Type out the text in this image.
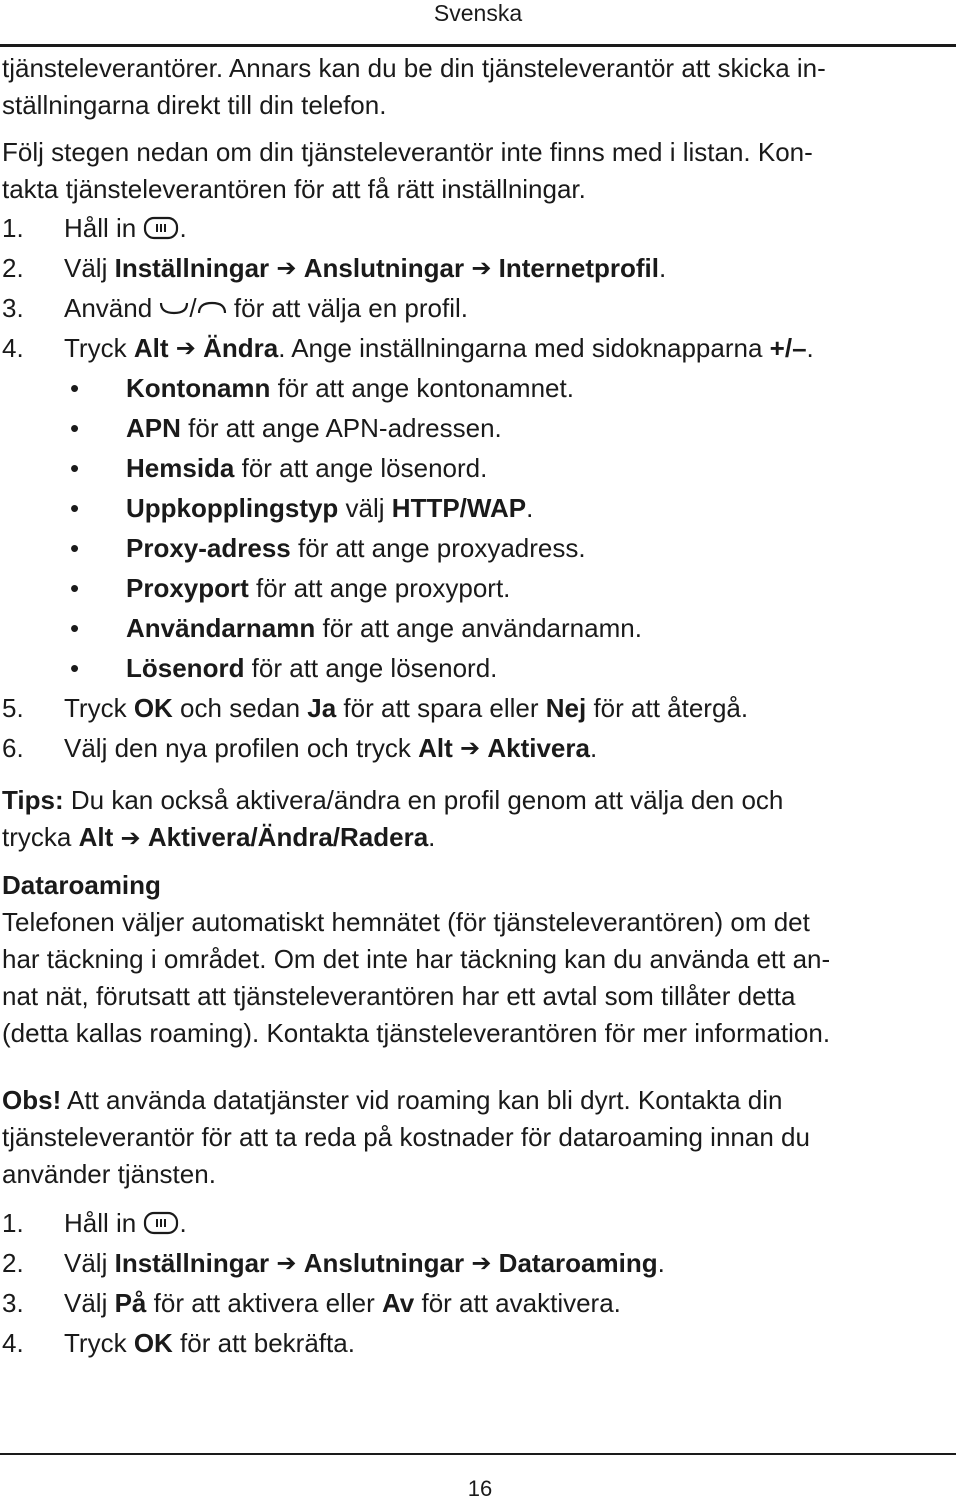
Svenska

tjänsteleverantörer. Annars kan du be din tjänsteleverantör att skicka in-

ställningarna direkt till din telefon.

Följ stegen nedan om din tjänsteleverantör inte finns med i listan. Kon-

takta tjänsteleverantören för att få rätt inställningar.

1.	Håll in
.
2.	Välj
Inställningar
➔
Anslutningar
➔
Internetprofil .
3.	Använd
/
för att välja en profil.
4.	Tryck
Alt
➔
Ändra . Ange inställningarna med sidoknapparna
+/– .
•	Kontonamn för att ange kontonamnet.
•	APN för att ange APN-adressen.
•	Hemsida för att ange lösenord.
•	Uppkopplingstyp välj HTTP/WAP.
•	Proxy-adress för att ange proxyadress.
•	Proxyport för att ange proxyport.
•	Användarnamn för att ange användarnamn.
•	Lösenord för att ange lösenord.
5.	Tryck
OK
och sedan
Ja
för att spara eller
Nej
för att återgå.
6.	Välj den nya profilen och tryck
Alt
➔
Aktivera .

Tips: Du kan också aktivera/ändra en profil genom att välja den och

trycka Alt ➔ Aktivera/Ändra/Radera.

Dataroaming

Telefonen väljer automatiskt hemnätet (för tjänsteleverantören) om det

har täckning i området. Om det inte har täckning kan du använda ett an-

nat nät, förutsatt att tjänsteleverantören har ett avtal som tillåter detta

(detta kallas roaming). Kontakta tjänsteleverantören för mer information.

Obs! Att använda datatjänster vid roaming kan bli dyrt. Kontakta din

tjänsteleverantör för att ta reda på kostnader för dataroaming innan du

använder tjänsten.

1.	Håll in
.
2.	Välj
Inställningar
➔
Anslutningar
➔
Dataroaming .
3.	Välj
På
för att aktivera eller
Av
för att avaktivera.
4.	Tryck
OK
för att bekräfta.
16
